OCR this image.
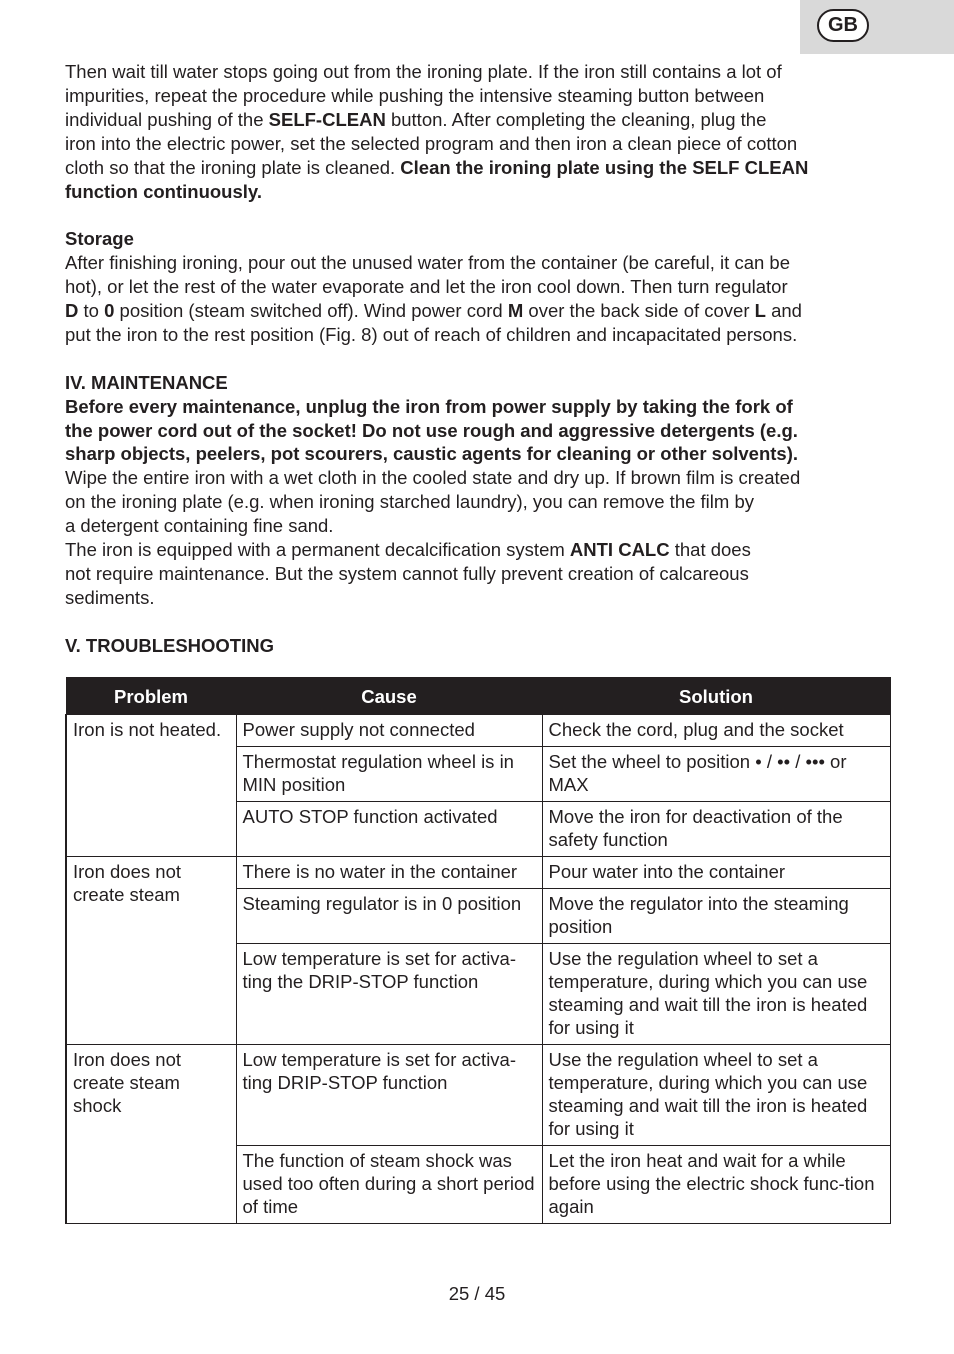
GB

Then wait till water stops going out from the ironing plate. If the iron still contains a lot of

impurities, repeat the procedure while pushing the intensive steaming button between

individual pushing of the SELF-CLEAN button. After completing the cleaning, plug the

iron into the electric power, set the selected program and then iron a clean piece of cotton

cloth so that the ironing plate is cleaned. Clean the ironing plate using the SELF CLEAN

function continuously.

Storage

After finishing ironing, pour out the unused water from the container (be careful, it can be

hot), or let the rest of the water evaporate and let the iron cool down. Then turn regulator

D to 0 position (steam switched off). Wind power cord M over the back side of cover L and

put the iron to the rest position (Fig. 8) out of reach of children and incapacitated persons.

IV. MAINTENANCE

Before every maintenance, unplug the iron from power supply by taking the fork of

the power cord out of the socket! Do not use rough and aggressive detergents (e.g.

sharp objects, peelers, pot scourers, caustic agents for cleaning or other solvents).

Wipe the entire iron with a wet cloth in the cooled state and dry up. If brown film is created

on the ironing plate (e.g. when ironing starched laundry), you can remove the film by

a detergent containing fine sand.

The iron is equipped with a permanent decalcification system ANTI CALC that does

not require maintenance. But the system cannot fully prevent creation of calcareous

sediments.

V. TROUBLESHOOTING

Problem	Cause	Solution
Iron is not heated.	Power supply not connected	Check the cord, plug and the socket
	Thermostat regulation wheel is in MIN position	Set the wheel to position • / •• / ••• or MAX
	AUTO STOP function activated	Move the iron for deactivation of the safety function
Iron does not create steam	There is no water in the container	Pour water into the container
	Steaming regulator is in 0 position	Move the regulator into the steaming position
	Low temperature is set for activa-ting the DRIP-STOP function	Use the regulation wheel to set a temperature, during which you can use steaming and wait till the iron is heated for using it
Iron does not create steam shock	Low temperature is set for activa-ting DRIP-STOP function	Use the regulation wheel to set a temperature, during which you can use steaming and wait till the iron is heated for using it
	The function of steam shock was used too often during a short period of time	Let the iron heat and wait for a while before using the electric shock func-tion again
25 / 45
